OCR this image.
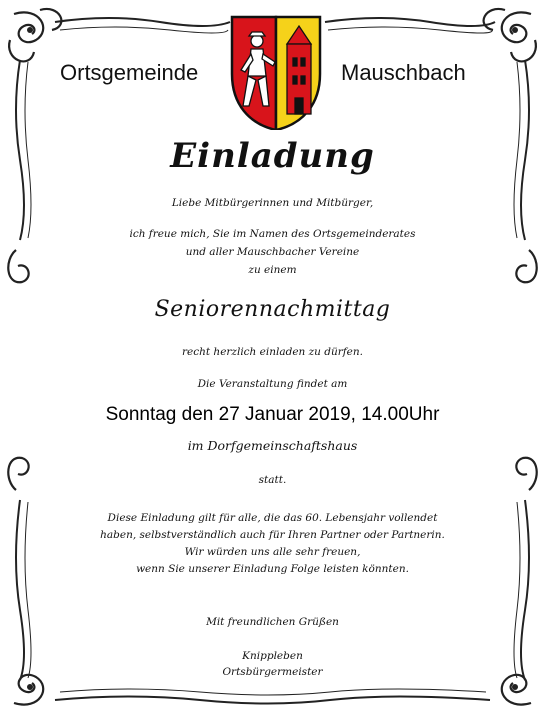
Ortsgemeinde	Mauschbach
Einladung
Liebe Mitbürgerinnen und Mitbürger,
ich freue mich, Sie im Namen des Ortsgemeinderates
und aller Mauschbacher Vereine
zu einem
Seniorennachmittag
recht herzlich einladen zu dürfen.
Die Veranstaltung findet am
Sonntag den 27 Januar 2019, 14.00Uhr
im Dorfgemeinschaftshaus
statt.
Diese Einladung gilt für alle, die das 60. Lebensjahr vollendet
haben, selbstverständlich auch für Ihren Partner oder Partnerin.
Wir würden uns alle sehr freuen,
wenn Sie unserer Einladung Folge leisten könnten.
Mit freundlichen Grüßen
Knippleben
Ortsbürgermeister
